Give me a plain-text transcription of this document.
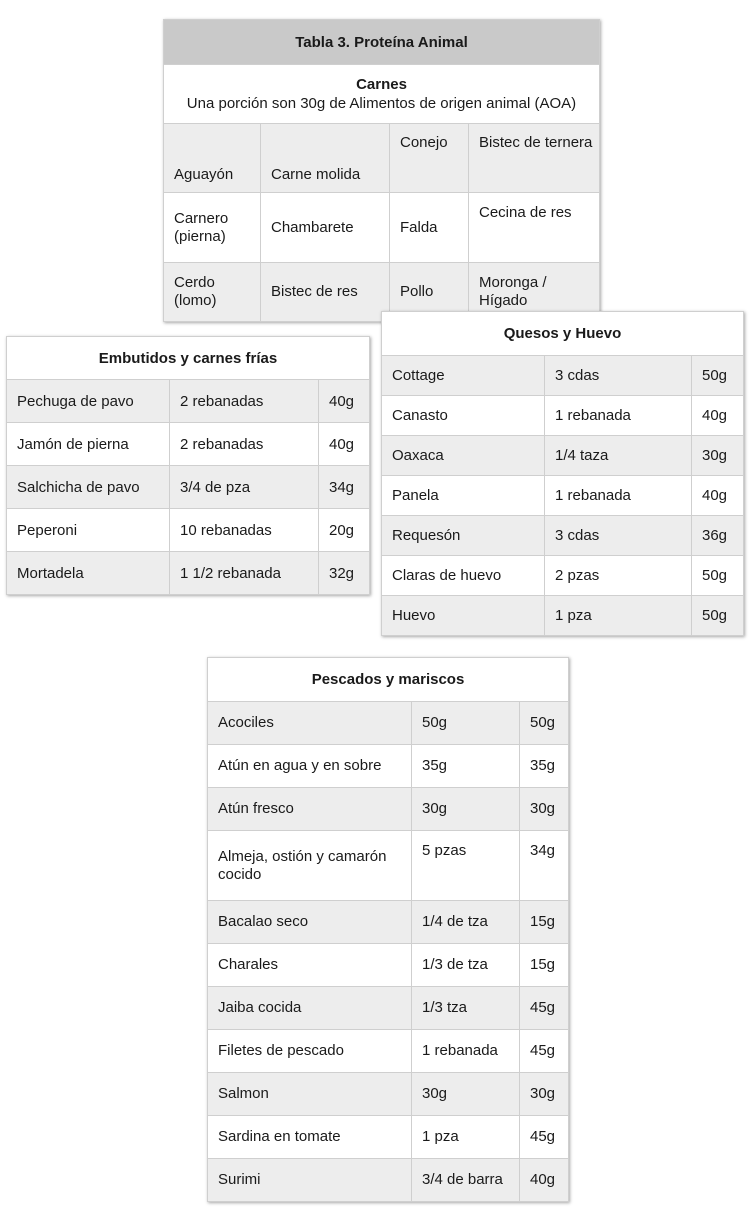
Tabla 3. Proteína Animal			

Carnes
Una porción son 30g de Alimentos de origen animal (AOA)			
Aguayón	Carne molida	Conejo	Bistec de ternera
Carnero (pierna)	Chambarete	Falda	Cecina de res
Cerdo (lomo)	Bistec de res	Pollo	Moronga / Hígado
Embutidos y carnes frías		
Pechuga de pavo	2 rebanadas	40g
Jamón de pierna	2 rebanadas	40g
Salchicha de pavo	3/4 de pza	34g
Peperoni	10 rebanadas	20g
Mortadela	1 1/2 rebanada	32g
Quesos y Huevo		
Cottage	3 cdas	50g
Canasto	1 rebanada	40g
Oaxaca	1/4 taza	30g
Panela	1 rebanada	40g
Requesón	3 cdas	36g
Claras de huevo	2 pzas	50g
Huevo	1 pza	50g
Pescados y mariscos		
Acociles	50g	50g
Atún en agua y en sobre	35g	35g
Atún fresco	30g	30g
Almeja, ostión y camarón cocido	5 pzas	34g
Bacalao seco	1/4 de tza	15g
Charales	1/3 de tza	15g
Jaiba cocida	1/3 tza	45g
Filetes de pescado	1 rebanada	45g
Salmon	30g	30g
Sardina en tomate	1 pza	45g
Surimi	3/4 de barra	40g
